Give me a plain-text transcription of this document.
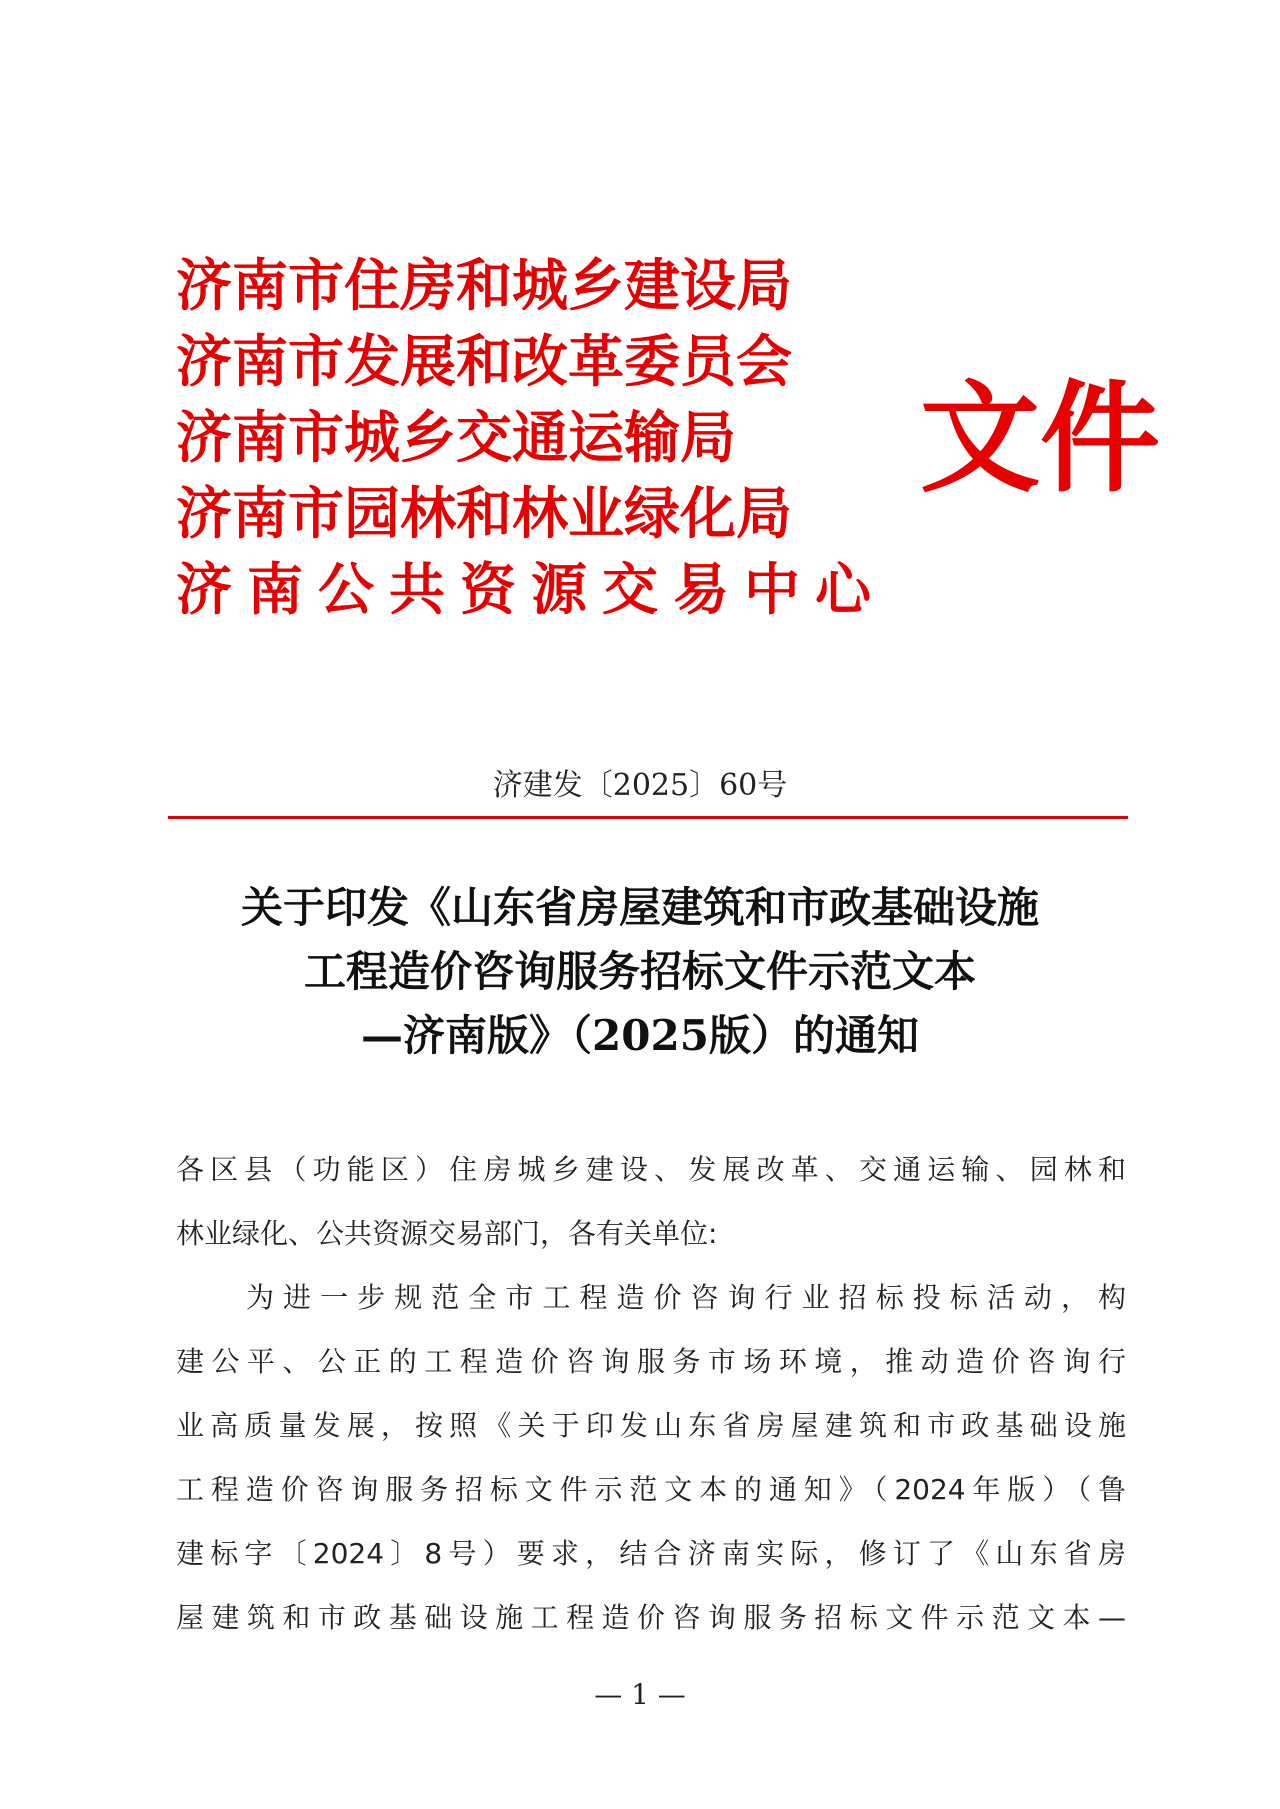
济南市住房和城乡建设局
济南市发展和改革委员会
济南市城乡交通运输局
济南市园林和林业绿化局
济南公共资源交易中心
文件
济建发〔2025〕60号
关于印发《山东省房屋建筑和市政基础设施
工程造价咨询服务招标文件示范文本
—济南版》（2025版）的通知
各区县（功能区）住房城乡建设、发展改革、交通运输、园林和
林业绿化、公共资源交易部门，各有关单位:
为进一步规范全市工程造价咨询行业招标投标活动，构
建公平、公正的工程造价咨询服务市场环境，推动造价咨询行
业高质量发展，按照《关于印发山东省房屋建筑和市政基础设施
工程造价咨询服务招标文件示范文本的通知》（2024年版）（鲁
建标字〔2024〕8号）要求，结合济南实际，修订了《山东省房
屋建筑和市政基础设施工程造价咨询服务招标文件示范文本—
— 1 —
